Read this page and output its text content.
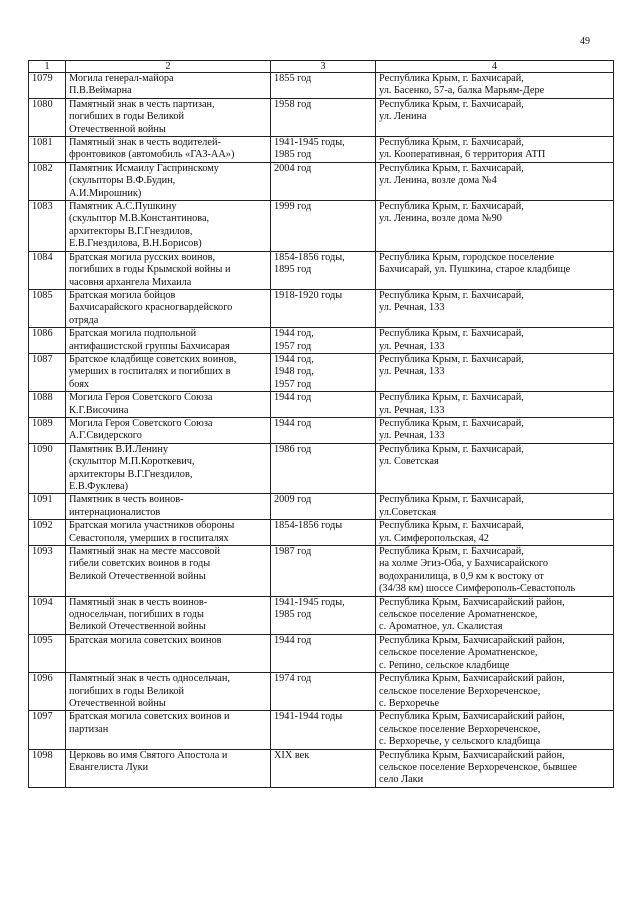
49
1	2	3	4
1079	Могила генерал-майора
П.В.Веймарна	1855 год	Республика Крым, г. Бахчисарай,
ул. Басенко, 57-а, балка Марьям-Дере
1080	Памятный знак в честь партизан,
погибших в годы Великой
Отечественной войны	1958 год	Республика Крым, г. Бахчисарай,
ул. Ленина
1081	Памятный знак в честь водителей-
фронтовиков (автомобиль «ГАЗ-АА»)	1941-1945 годы,
1985 год	Республика Крым, г. Бахчисарай,
ул. Кооперативная, 6 территория АТП
1082	Памятник Исмаилу Гаспринскому
(скульпторы В.Ф.Будин,
А.И.Мирошник)	2004 год	Республика Крым, г. Бахчисарай,
ул. Ленина, возле дома №4
1083	Памятник А.С.Пушкину
(скульптор М.В.Константинова,
архитекторы В.Г.Гнездилов,
Е.В.Гнездилова, В.Н.Борисов)	1999 год	Республика Крым, г. Бахчисарай,
ул. Ленина, возле дома №90
1084	Братская могила русских воинов,
погибших в годы Крымской войны и
часовня архангела Михаила	1854-1856 годы,
1895 год	Республика Крым, городское поселение
Бахчисарай, ул. Пушкина, старое кладбище
1085	Братская могила бойцов
Бахчисарайского красногвардейского
отряда	1918-1920 годы	Республика Крым, г. Бахчисарай,
ул. Речная, 133
1086	Братская могила подпольной
антифашистской группы Бахчисарая	1944 год,
1957 год	Республика Крым, г. Бахчисарай,
ул. Речная, 133
1087	Братское кладбище советских воинов,
умерших в госпиталях и погибших в
боях	1944 год,
1948 год,
1957 год	Республика Крым, г. Бахчисарай,
ул. Речная, 133
1088	Могила Героя Советского Союза
К.Г.Височина	1944 год	Республика Крым, г. Бахчисарай,
ул. Речная, 133
1089	Могила Героя Советского Союза
А.Г.Свидерского	1944 год	Республика Крым, г. Бахчисарай,
ул. Речная, 133
1090	Памятник В.И.Ленину
(скульптор М.П.Короткевич,
архитекторы В.Г.Гнездилов,
Е.В.Фуклева)	1986 год	Республика Крым, г. Бахчисарай,
ул. Советская
1091	Памятник в честь воинов-
интернационалистов	2009 год	Республика Крым, г. Бахчисарай,
ул.Советская
1092	Братская могила участников обороны
Севастополя, умерших в госпиталях	1854-1856 годы	Республика Крым, г. Бахчисарай,
ул. Симферопольская, 42
1093	Памятный знак на месте массовой
гибели советских воинов в годы
Великой Отечественной войны	1987 год	Республика Крым, г. Бахчисарай,
на холме Эгиз-Оба, у Бахчисарайского
водохранилища, в 0,9 км к востоку от
(34/38 км) шоссе Симферополь-Севастополь
1094	Памятный знак в честь воинов-
односельчан, погибших в годы
Великой Отечественной войны	1941-1945 годы,
1985 год	Республика Крым, Бахчисарайский район,
сельское поселение Ароматненское,
с. Ароматное, ул. Скалистая
1095	Братская могила советских воинов	1944 год	Республика Крым, Бахчисарайский район,
сельское поселение Ароматненское,
с. Репино, сельское кладбище
1096	Памятный знак в честь односельчан,
погибших в годы Великой
Отечественной войны	1974 год	Республика Крым, Бахчисарайский район,
сельское поселение Верхореченское,
с. Верхоречье
1097	Братская могила советских воинов и
партизан	1941-1944 годы	Республика Крым, Бахчисарайский район,
сельское поселение Верхореченское,
с. Верхоречье, у сельского кладбища
1098	Церковь во имя Святого Апостола и
Евангелиста Луки	XIX век	Республика Крым, Бахчисарайский район,
сельское поселение Верхореченское, бывшее
село Лаки
